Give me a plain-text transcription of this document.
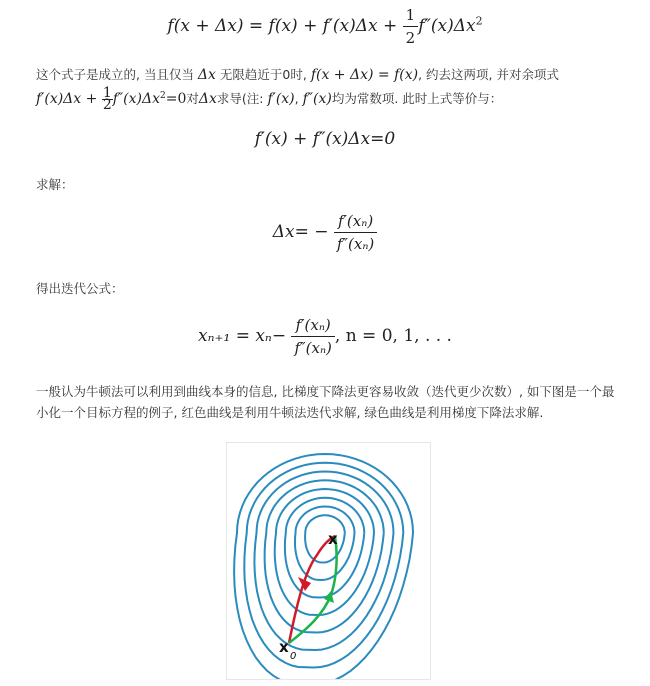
$f(x + \Delta x) = f(x) + f'(x)\Delta x + \frac{1}{2} f''(x)\Delta x^2$
这个式子是成立的, 当且仅当 Δx 无限趋近于0时, f(x + Δx) = f(x), 约去这两项, 并对余项式
$f'(x)\Delta x + \frac{1}{2} f''(x)\Delta x^2=0$对Δx求导(注: f′(x), f″(x)均为常数项. 此时上式等价与：
f′(x) + f″(x)Δx=0
求解：
$\Delta x= - \frac{\text{f′(xₙ)}}{\text{f″(xₙ)}}$
得出迭代公式：
$x_{n+1} = x_n- \frac{\text{f′(xₙ)}}{\text{f″(xₙ)}}$ , n = 0, 1, . . .
一般认为牛顿法可以利用到曲线本身的信息, 比梯度下降法更容易收敛（迭代更少次数）, 如下图是一个最小化一个目标方程的例子, 红色曲线是利用牛顿法迭代求解, 绿色曲线是利用梯度下降法求解.
x
x
0
